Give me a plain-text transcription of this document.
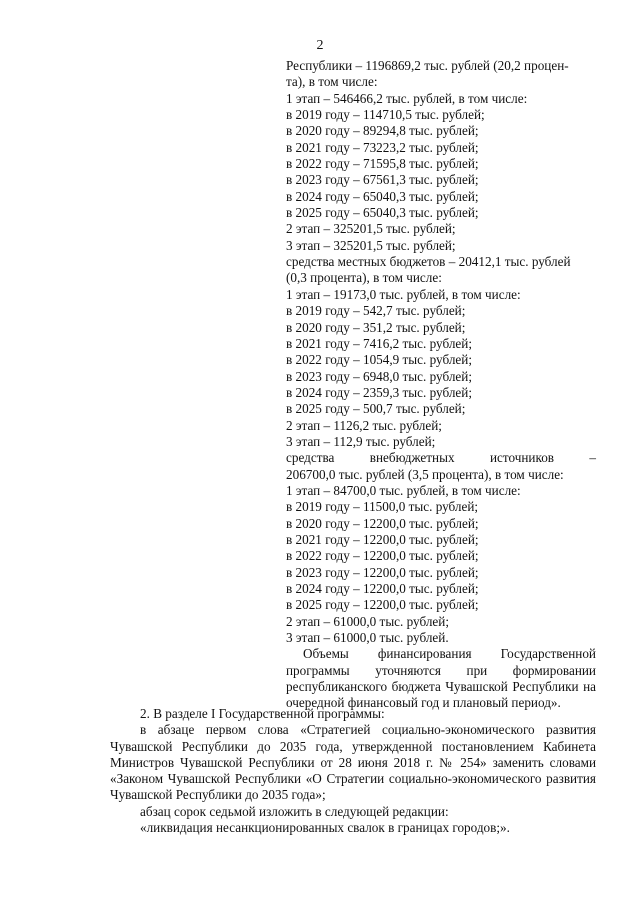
2
Республики – 1196869,2 тыс. рублей (20,2 процен-
та), в том числе:
1 этап – 546466,2 тыс. рублей, в том числе:
в 2019 году – 114710,5 тыс. рублей;
в 2020 году – 89294,8 тыс. рублей;
в 2021 году – 73223,2 тыс. рублей;
в 2022 году – 71595,8 тыс. рублей;
в 2023 году – 67561,3 тыс. рублей;
в 2024 году – 65040,3 тыс. рублей;
в 2025 году – 65040,3 тыс. рублей;
2 этап – 325201,5 тыс. рублей;
3 этап – 325201,5 тыс. рублей;
средства местных бюджетов – 20412,1 тыс. рублей
(0,3 процента), в том числе:
1 этап – 19173,0 тыс. рублей, в том числе:
в 2019 году – 542,7 тыс. рублей;
в 2020 году – 351,2 тыс. рублей;
в 2021 году – 7416,2 тыс. рублей;
в 2022 году – 1054,9 тыс. рублей;
в 2023 году – 6948,0 тыс. рублей;
в 2024 году – 2359,3 тыс. рублей;
в 2025 году – 500,7 тыс. рублей;
2 этап – 1126,2 тыс. рублей;
3 этап – 112,9 тыс. рублей;
средства	внебюджетных	источников	–
206700,0 тыс. рублей (3,5 процента), в том числе:
1 этап – 84700,0 тыс. рублей, в том числе:
в 2019 году – 11500,0 тыс. рублей;
в 2020 году – 12200,0 тыс. рублей;
в 2021 году – 12200,0 тыс. рублей;
в 2022 году – 12200,0 тыс. рублей;
в 2023 году – 12200,0 тыс. рублей;
в 2024 году – 12200,0 тыс. рублей;
в 2025 году – 12200,0 тыс. рублей;
2 этап – 61000,0 тыс. рублей;
3 этап – 61000,0 тыс. рублей.
Объемы финансирования Государственной программы уточняются при формировании республиканского бюджета Чувашской Республики на очередной финансовый год и плановый период».
2. В разделе I Государственной программы:
в абзаце первом слова «Стратегией социально-экономического развития Чувашской Республики до 2035 года, утвержденной постановлением Кабинета Министров Чувашской Республики от 28 июня 2018 г. № 254» заменить словами «Законом Чувашской Республики «О Стратегии социально-экономического развития Чувашской Республики до 2035 года»;
абзац сорок седьмой изложить в следующей редакции:
«ликвидация несанкционированных свалок в границах городов;».
